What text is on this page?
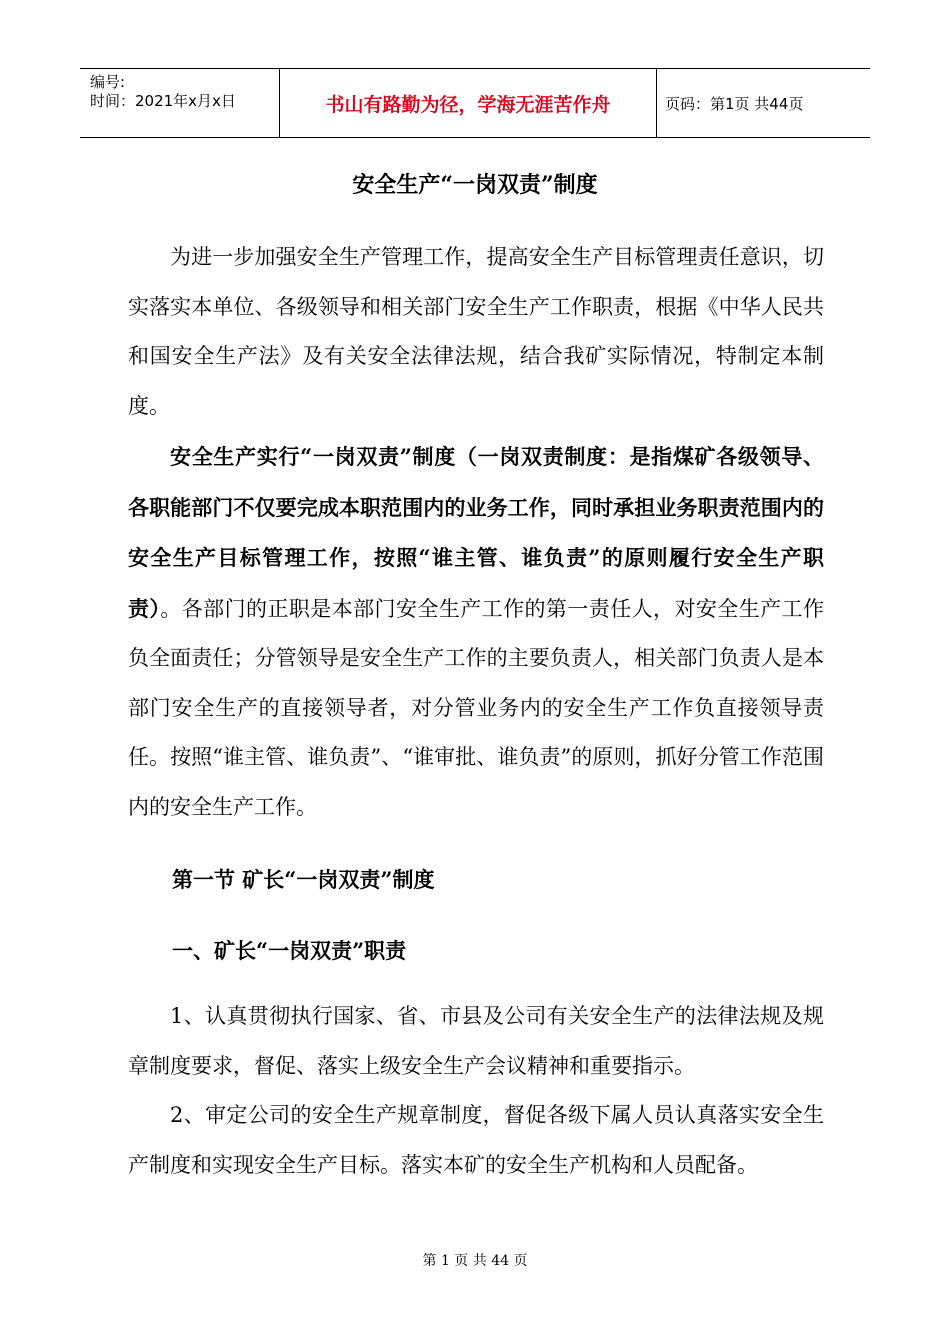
编号:
时间：2021年x月x日	书山有路勤为径，学海无涯苦作舟	页码：第1页 共44页
安全生产“一岗双责”制度
为进一步加强安全生产管理工作，提高安全生产目标管理责任意识，切实落实本单位、各级领导和相关部门安全生产工作职责，根据《中华人民共和国安全生产法》及有关安全法律法规，结合我矿实际情况，特制定本制度。
安全生产实行“一岗双责”制度（一岗双责制度：是指煤矿各级领导、各职能部门不仅要完成本职范围内的业务工作，同时承担业务职责范围内的安全生产目标管理工作，按照“谁主管、谁负责”的原则履行安全生产职责）。各部门的正职是本部门安全生产工作的第一责任人，对安全生产工作负全面责任；分管领导是安全生产工作的主要负责人，相关部门负责人是本部门安全生产的直接领导者，对分管业务内的安全生产工作负直接领导责任。按照“谁主管、谁负责”、“谁审批、谁负责”的原则，抓好分管工作范围内的安全生产工作。
第一节 矿长“一岗双责”制度
一、矿长“一岗双责”职责
1、认真贯彻执行国家、省、市县及公司有关安全生产的法律法规及规章制度要求，督促、落实上级安全生产会议精神和重要指示。
2、审定公司的安全生产规章制度，督促各级下属人员认真落实安全生产制度和实现安全生产目标。落实本矿的安全生产机构和人员配备。
第 1 页 共 44 页
